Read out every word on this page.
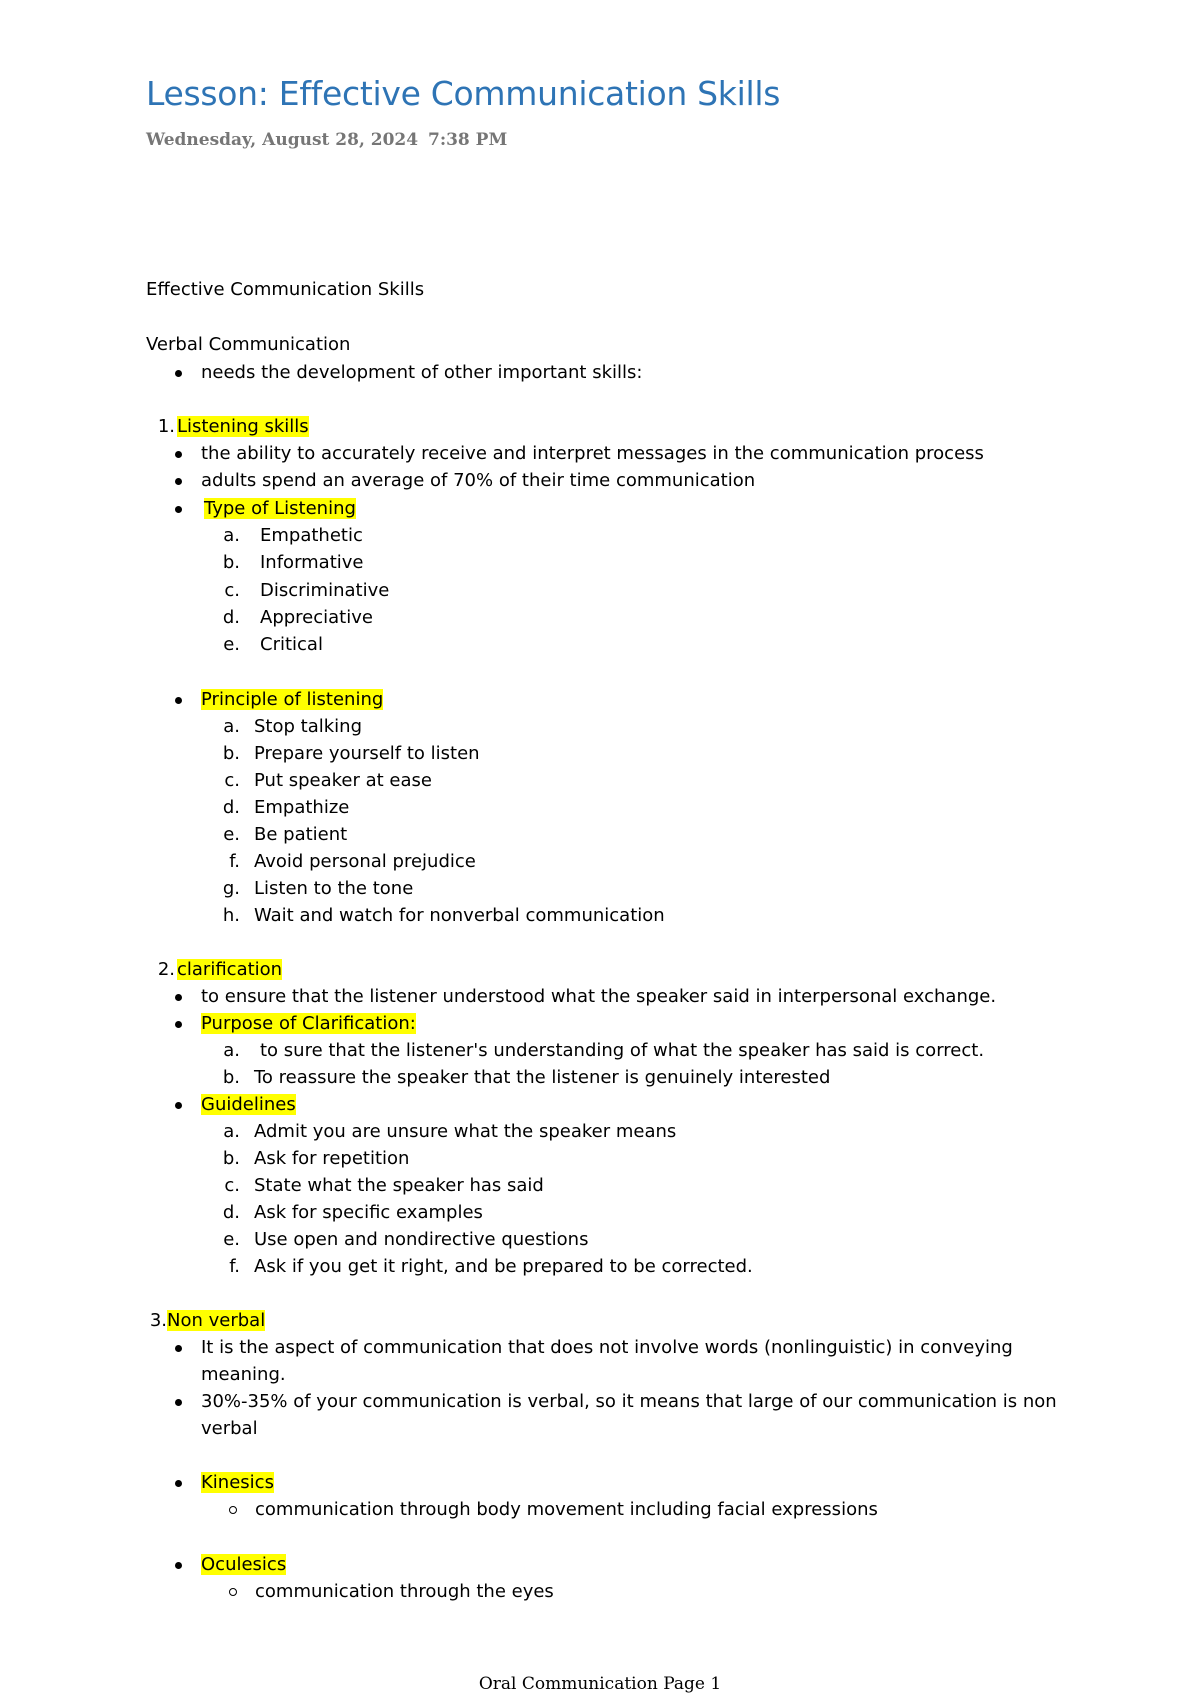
Lesson: Effective Communication Skills
Wednesday, August 28, 2024 7:38 PM
Effective Communication Skills
Verbal Communication
needs the development of other important skills:
1. Listening skills
the ability to accurately receive and interpret messages in the communication process
adults spend an average of 70% of their time communication
Type of Listening
a. Empathetic
b. Informative
c. Discriminative
d. Appreciative
e. Critical
Principle of listening
a. Stop talking
b. Prepare yourself to listen
c. Put speaker at ease
d. Empathize
e. Be patient
f. Avoid personal prejudice
g. Listen to the tone
h. Wait and watch for nonverbal communication
2. clarification
to ensure that the listener understood what the speaker said in interpersonal exchange.
Purpose of Clarification:
a. to sure that the listener's understanding of what the speaker has said is correct.
b. To reassure the speaker that the listener is genuinely interested
Guidelines
a. Admit you are unsure what the speaker means
b. Ask for repetition
c. State what the speaker has said
d. Ask for specific examples
e. Use open and nondirective questions
f. Ask if you get it right, and be prepared to be corrected.
3. Non verbal
It is the aspect of communication that does not involve words (nonlinguistic) in conveying
meaning.
30%-35% of your communication is verbal, so it means that large of our communication is non
verbal
Kinesics
communication through body movement including facial expressions
Oculesics
communication through the eyes
Oral Communication Page 1
